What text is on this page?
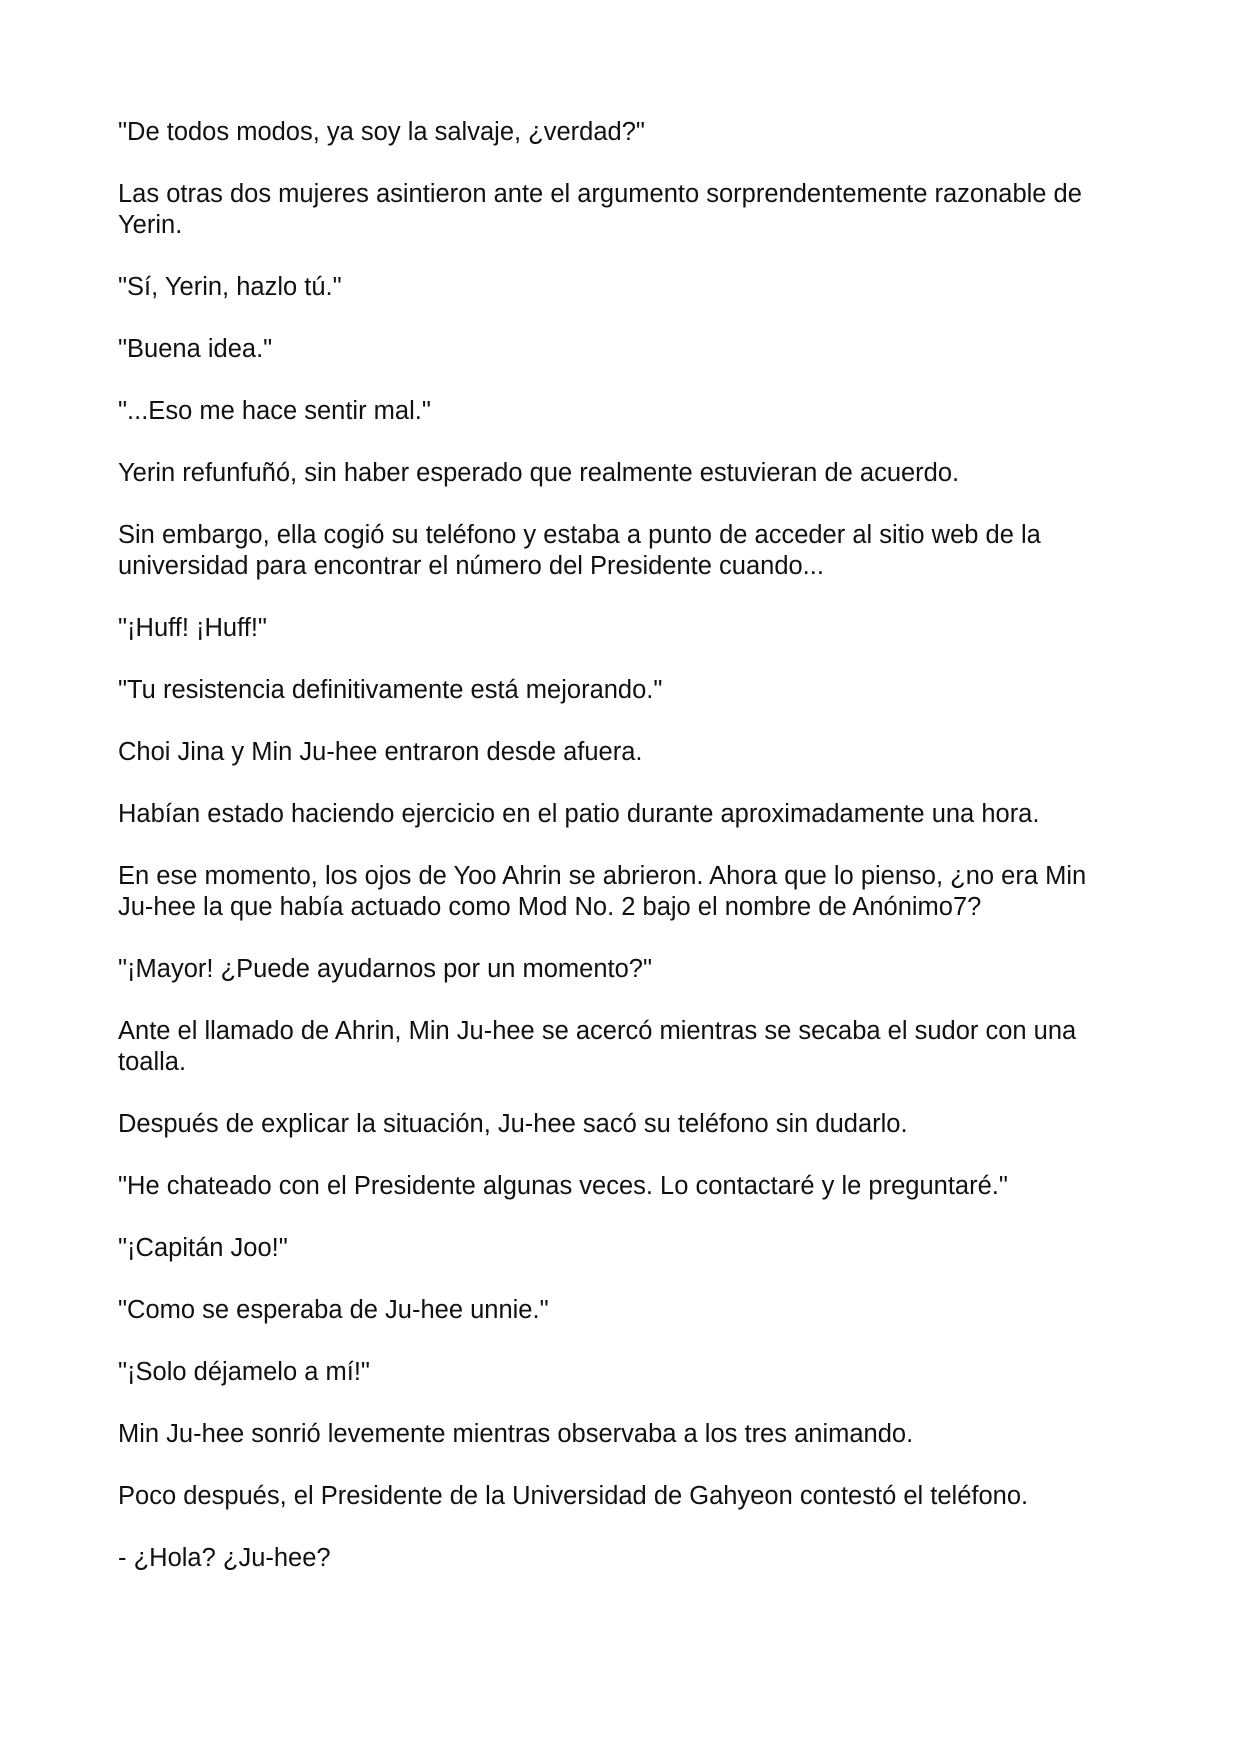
"De todos modos, ya soy la salvaje, ¿verdad?"

Las otras dos mujeres asintieron ante el argumento sorprendentemente razonable de Yerin.

"Sí, Yerin, hazlo tú."

"Buena idea."

"...Eso me hace sentir mal."

Yerin refunfuñó, sin haber esperado que realmente estuvieran de acuerdo.

Sin embargo, ella cogió su teléfono y estaba a punto de acceder al sitio web de la universidad para encontrar el número del Presidente cuando...

"¡Huff! ¡Huff!"

"Tu resistencia definitivamente está mejorando."

Choi Jina y Min Ju-hee entraron desde afuera.

Habían estado haciendo ejercicio en el patio durante aproximadamente una hora.

En ese momento, los ojos de Yoo Ahrin se abrieron. Ahora que lo pienso, ¿no era Min Ju-hee la que había actuado como Mod No. 2 bajo el nombre de Anónimo7?

"¡Mayor! ¿Puede ayudarnos por un momento?"

Ante el llamado de Ahrin, Min Ju-hee se acercó mientras se secaba el sudor con una toalla.

Después de explicar la situación, Ju-hee sacó su teléfono sin dudarlo.

"He chateado con el Presidente algunas veces. Lo contactaré y le preguntaré."

"¡Capitán Joo!"

"Como se esperaba de Ju-hee unnie."

"¡Solo déjamelo a mí!"

Min Ju-hee sonrió levemente mientras observaba a los tres animando.

Poco después, el Presidente de la Universidad de Gahyeon contestó el teléfono.

- ¿Hola? ¿Ju-hee?
